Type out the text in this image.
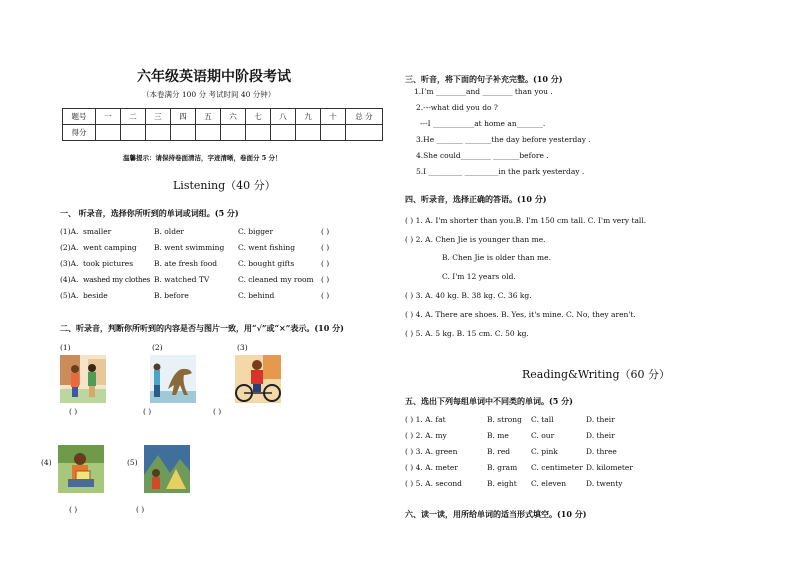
六年级英语期中阶段考试
（本卷满分 100 分 考试时间 40 分钟）
题号	一	二	三	四	五	六	七	八	九	十	总 分
得分											
温馨提示：请保持卷面清洁，字迹清晰，卷面分 5 分！
Listening（40 分）
一、 听录音，选择你所听到的单词或词组。(5 分)
(1)A. smaller	B. older	C. bigger	( )
(2)A. went camping B. went swimming C. went fishing	( )
(3)A. took pictures	B. ate fresh food	C. bought gifts	( )
(4)A. washed my clothes B. watched TV	C. cleaned my room ( )
(5)A. beside	B. before	C. behind	( )
二、听录音，判断你所听到的内容是否与图片一致，用“√”或“×”表示。(10 分)
(1)
( )
(2)
( )
(3)
( )
(4)
( )
(5)
( )
三、听音，将下面的句子补充完整。(10 分)
1.I’m ________and ________ than you .
2.---what did you do ?
---I ___________at home an_______.
3.He _______ _______the day before yesterday .
4.She could________ _______before .
5.I _________ _________in the park yesterday .
四、听录音，选择正确的答语。(10 分)
( ) 1. A. I'm shorter than you.B. I'm 150 cm tall. C. I'm very tall.
( ) 2. A. Chen Jie is younger than me.
B. Chen Jie is older than me.
C. I'm 12 years old.
( ) 3. A. 40 kg. B. 38 kg. C. 36 kg.
( ) 4. A. There are shoes. B. Yes, it's mine. C. No, they aren't.
( ) 5. A. 5 kg. B. 15 cm. C. 50 kg.
Reading&Writing（60 分）
五、选出下列每组单词中不同类的单词。(5 分)
( ) 1. A. fat	B. strong C. tall	D. their
( ) 2. A. my	B. me	C. our	D. their
( ) 3. A. green	B. red	C. pink	D. three
( ) 4. A. meter	B. gram C. centimeter D. kilometer
( ) 5. A. second	B. eight C. eleven	D. twenty
六、读一读，用所给单词的适当形式填空。(10 分)
